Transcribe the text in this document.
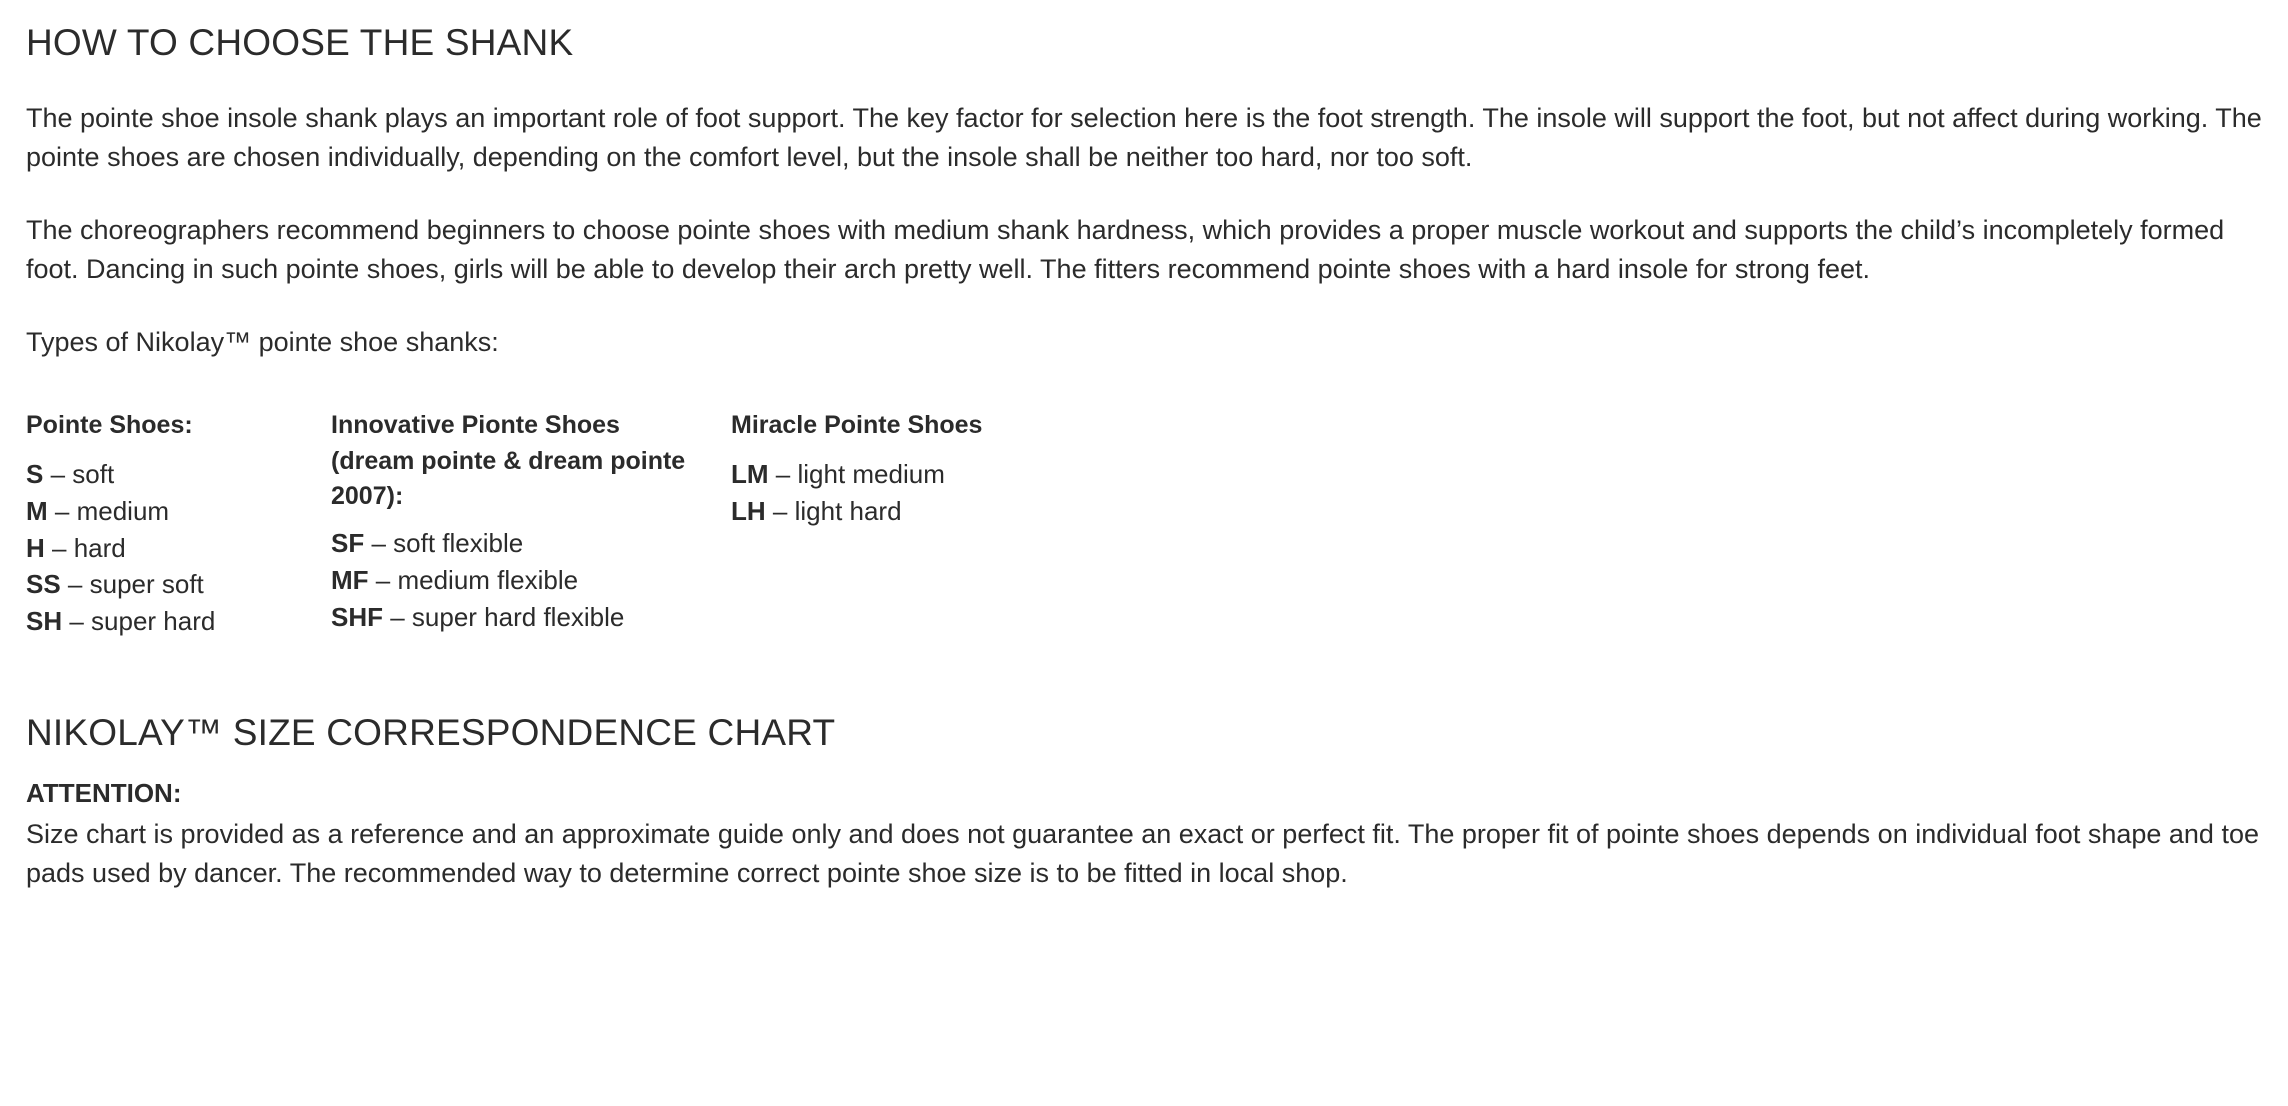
HOW TO CHOOSE THE SHANK

The pointe shoe insole shank plays an important role of foot support. The key factor for selection here is the foot strength. The insole will support the foot, but not affect during working. The pointe shoes are chosen individually, depending on the comfort level, but the insole shall be neither too hard, nor too soft.

The choreographers recommend beginners to choose pointe shoes with medium shank hardness, which provides a proper muscle workout and supports the child’s incompletely formed foot. Dancing in such pointe shoes, girls will be able to develop their arch pretty well. The fitters recommend pointe shoes with a hard insole for strong feet.

Types of Nikolay™ pointe shoe shanks:

Pointe Shoes:
S – soft
M – medium
H – hard
SS – super soft
SH – super hard
Innovative Pionte Shoes
(dream pointe & dream pointe
2007):
SF – soft flexible
MF – medium flexible
SHF – super hard flexible
Miracle Pointe Shoes
LM – light medium
LH – light hard
NIKOLAY™ SIZE CORRESPONDENCE CHART
ATTENTION:

Size chart is provided as a reference and an approximate guide only and does not guarantee an exact or perfect fit. The proper fit of pointe shoes depends on individual foot shape and toe pads used by dancer. The recommended way to determine correct pointe shoe size is to be fitted in local shop.
